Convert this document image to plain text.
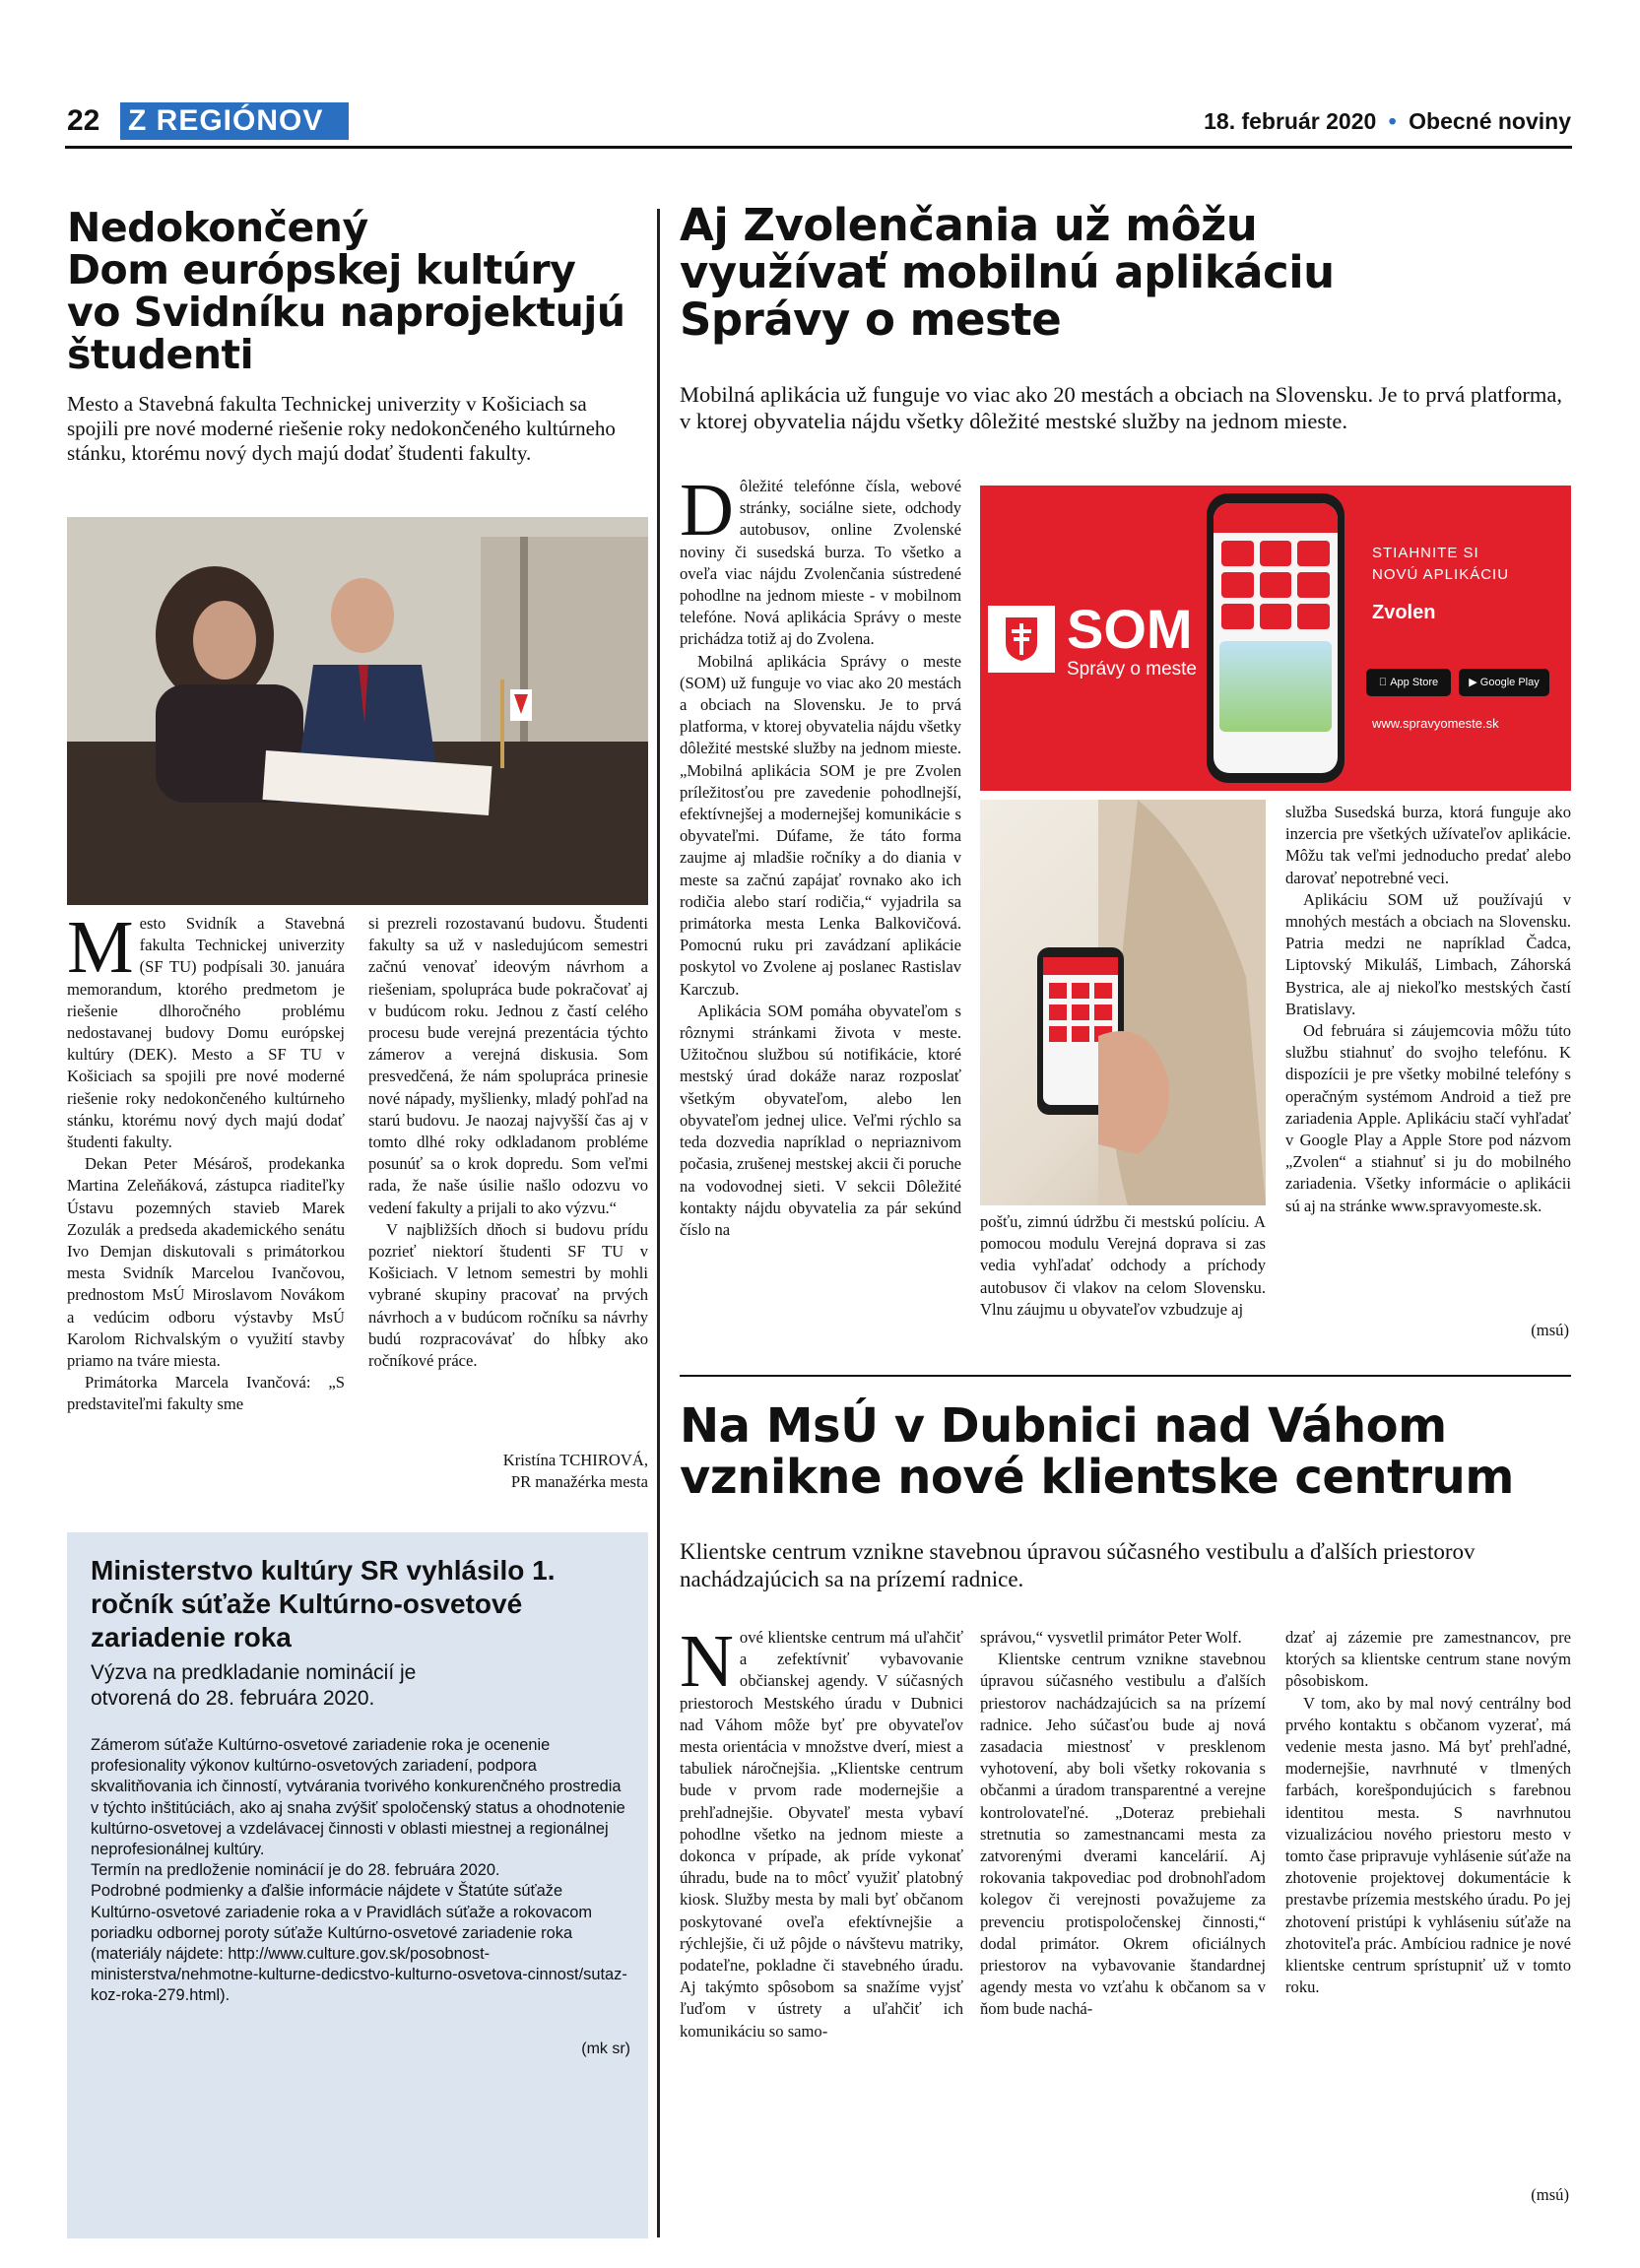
22 Z REGIÓNOV	18. február 2020 • Obecné noviny
Nedokončený
Dom európskej kultúry
vo Svidníku naprojektujú
študenti
Mesto a Stavebná fakulta Technickej univerzity v Košiciach sa spojili pre nové moderné riešenie roky nedokončeného kultúrneho stánku, ktorému nový dych majú dodať študenti fakulty.
Mesto Svidník a Stavebná fakulta Technickej univerzity (SF TU) podpísali 30. januára memorandum, ktorého predmetom je riešenie dlhoročného problému nedostavanej budovy Domu európskej kultúry (DEK). Mesto a SF TU v Košiciach sa spojili pre nové moderné riešenie roky nedokončeného kultúrneho stánku, ktorému nový dych majú dodať študenti fakulty.
Dekan Peter Mésároš, prodekanka Martina Zeleňáková, zástupca riaditeľky Ústavu pozemných stavieb Marek Zozulák a predseda akademického senátu Ivo Demjan diskutovali s primátorkou mesta Svidník Marcelou Ivančovou, prednostom MsÚ Miroslavom Novákom a vedúcim odboru výstavby MsÚ Karolom Richvalským o využití stavby priamo na tváre miesta.
Primátorka Marcela Ivančová: „S predstaviteľmi fakulty sme
si prezreli rozostavanú budovu. Študenti fakulty sa už v nasledujúcom semestri začnú venovať ideovým návrhom a riešeniam, spolupráca bude pokračovať aj v budúcom roku. Jednou z častí celého procesu bude verejná prezentácia týchto zámerov a verejná diskusia. Som presvedčená, že nám spolupráca prinesie nové nápady, myšlienky, mladý pohľad na starú budovu. Je naozaj najvyšší čas aj v tomto dlhé roky odkladanom probléme posunúť sa o krok dopredu. Som veľmi rada, že naše úsilie našlo odozvu vo vedení fakulty a prijali to ako výzvu.“
V najbližších dňoch si budovu prídu pozrieť niektorí študenti SF TU v Košiciach. V letnom semestri by mohli vybrané skupiny pracovať na prvých návrhoch a v budúcom ročníku sa návrhy budú rozpracovávať do hĺbky ako ročníkové práce.
Kristína TCHIROVÁ,
PR manažérka mesta
Ministerstvo kultúry SR vyhlásilo 1. ročník súťaže Kultúrno-osvetové zariadenie roka
Výzva na predkladanie nominácií je otvorená do 28. februára 2020.
Zámerom súťaže Kultúrno-osvetové zariadenie roka je ocenenie profesionality výkonov kultúrno-osvetových zariadení, podpora skvalitňovania ich činností, vytvárania tvorivého konkurenčného prostredia v týchto inštitúciách, ako aj snaha zvýšiť spoločenský status a ohodnotenie kultúrno-osvetovej a vzdelávacej činnosti v oblasti miestnej a regionálnej neprofesionálnej kultúry.
Termín na predloženie nominácií je do 28. februára 2020.
Podrobné podmienky a ďalšie informácie nájdete v Štatúte súťaže Kultúrno-osvetové zariadenie roka a v Pravidlách súťaže a rokovacom poriadku odbornej poroty súťaže Kultúrno-osvetové zariadenie roka (materiály nájdete: http://www.culture.gov.sk/posobnost-ministerstva/nehmotne-kulturne-dedicstvo-kulturno-osvetova-cinnost/sutaz-koz-roka-279.html).
(mk sr)
Aj Zvolenčania už môžu
využívať mobilnú aplikáciu
Správy o meste
Mobilná aplikácia už funguje vo viac ako 20 mestách a obciach na Slovensku. Je to prvá platforma, v ktorej obyvatelia nájdu všetky dôležité mestské služby na jednom mieste.
Dôležité telefónne čísla, webové stránky, sociálne siete, odchody autobusov, online Zvolenské noviny či susedská burza. To všetko a oveľa viac nájdu Zvolenčania sústredené pohodlne na jednom mieste - v mobilnom telefóne. Nová aplikácia Správy o meste prichádza totiž aj do Zvolena.
Mobilná aplikácia Správy o meste (SOM) už funguje vo viac ako 20 mestách a obciach na Slovensku. Je to prvá platforma, v ktorej obyvatelia nájdu všetky dôležité mestské služby na jednom mieste. „Mobilná aplikácia SOM je pre Zvolen príležitosťou pre zavedenie pohodlnejší, efektívnejšej a modernejšej komunikácie s obyvateľmi. Dúfame, že táto forma zaujme aj mladšie ročníky a do diania v meste sa začnú zapájať rovnako ako ich rodičia alebo starí rodičia,“ vyjadrila sa primátorka mesta Lenka Balkovičová. Pomocnú ruku pri zavádzaní aplikácie poskytol vo Zvolene aj poslanec Rastislav Karczub.
Aplikácia SOM pomáha obyvateľom s rôznymi stránkami života v meste. Užitočnou službou sú notifikácie, ktoré mestský úrad dokáže naraz rozposlať všetkým obyvateľom, alebo len obyvateľom jednej ulice. Veľmi rýchlo sa teda dozvedia napríklad o nepriaznivom počasia, zrušenej mestskej akcii či poruche na vodovodnej sieti. V sekcii Dôležité kontakty nájdu obyvatelia za pár sekúnd číslo na
SOM
Správy o meste
STIAHNITE SI
NOVÚ APLIKÁCIU
Zvolen
App Store	▶ Google Play
www.spravyomeste.sk
pošťu, zimnú údržbu či mestskú políciu. A pomocou modulu Verejná doprava si zas vedia vyhľadať odchody a príchody autobusov či vlakov na celom Slovensku. Vlnu záujmu u obyvateľov vzbudzuje aj
služba Susedská burza, ktorá funguje ako inzercia pre všetkých užívateľov aplikácie. Môžu tak veľmi jednoducho predať alebo darovať nepotrebné veci.
Aplikáciu SOM už používajú v mnohých mestách a obciach na Slovensku. Patria medzi ne napríklad Čadca, Liptovský Mikuláš, Limbach, Záhorská Bystrica, ale aj niekoľko mestských častí Bratislavy.
Od februára si záujemcovia môžu túto službu stiahnuť do svojho telefónu. K dispozícii je pre všetky mobilné telefóny s operačným systémom Android a tiež pre zariadenia Apple. Aplikáciu stačí vyhľadať v Google Play a Apple Store pod názvom „Zvolen“ a stiahnuť si ju do mobilného zariadenia. Všetky informácie o aplikácii sú aj na stránke www.spravyomeste.sk.
(msú)
Na MsÚ v Dubnici nad Váhom
vznikne nové klientske centrum
Klientske centrum vznikne stavebnou úpravou súčasného vestibulu a ďalších priestorov nachádzajúcich sa na prízemí radnice.
Nové klientske centrum má uľahčiť a zefektívniť vybavovanie občianskej agendy. V súčasných priestoroch Mestského úradu v Dubnici nad Váhom môže byť pre obyvateľov mesta orientácia v množstve dverí, miest a tabuliek náročnejšia. „Klientske centrum bude v prvom rade modernejšie a prehľadnejšie. Obyvateľ mesta vybaví pohodlne všetko na jednom mieste a dokonca v prípade, ak príde vykonať úhradu, bude na to môcť využiť platobný kiosk. Služby mesta by mali byť občanom poskytované oveľa efektívnejšie a rýchlejšie, či už pôjde o návštevu matriky, podateľne, pokladne či stavebného úradu. Aj takýmto spôsobom sa snažíme vyjsť ľuďom v ústrety a uľahčiť ich komunikáciu so samo-
správou,“ vysvetlil primátor Peter Wolf.
Klientske centrum vznikne stavebnou úpravou súčasného vestibulu a ďalších priestorov nachádzajúcich sa na prízemí radnice. Jeho súčasťou bude aj nová zasadacia miestnosť v presklenom vyhotovení, aby boli všetky rokovania s občanmi a úradom transparentné a verejne kontrolovateľné. „Doteraz prebiehali stretnutia so zamestnancami mesta za zatvorenými dverami kancelárií. Aj rokovania takpovediac pod drobnohľadom kolegov či verejnosti považujeme za prevenciu protispoločenskej činnosti,“ dodal primátor. Okrem oficiálnych priestorov na vybavovanie štandardnej agendy mesta vo vzťahu k občanom sa v ňom bude nachá-
dzať aj zázemie pre zamestnancov, pre ktorých sa klientske centrum stane novým pôsobiskom.
V tom, ako by mal nový centrálny bod prvého kontaktu s občanom vyzerať, má vedenie mesta jasno. Má byť prehľadné, modernejšie, navrhnuté v tlmených farbách, korešpondujúcich s farebnou identitou mesta. S navrhnutou vizualizáciou nového priestoru mesto v tomto čase pripravuje vyhlásenie súťaže na zhotovenie projektovej dokumentácie k prestavbe prízemia mestského úradu. Po jej zhotovení pristúpi k vyhláseniu súťaže na zhotoviteľa prác. Ambíciou radnice je nové klientske centrum sprístupniť už v tomto roku.
(msú)
